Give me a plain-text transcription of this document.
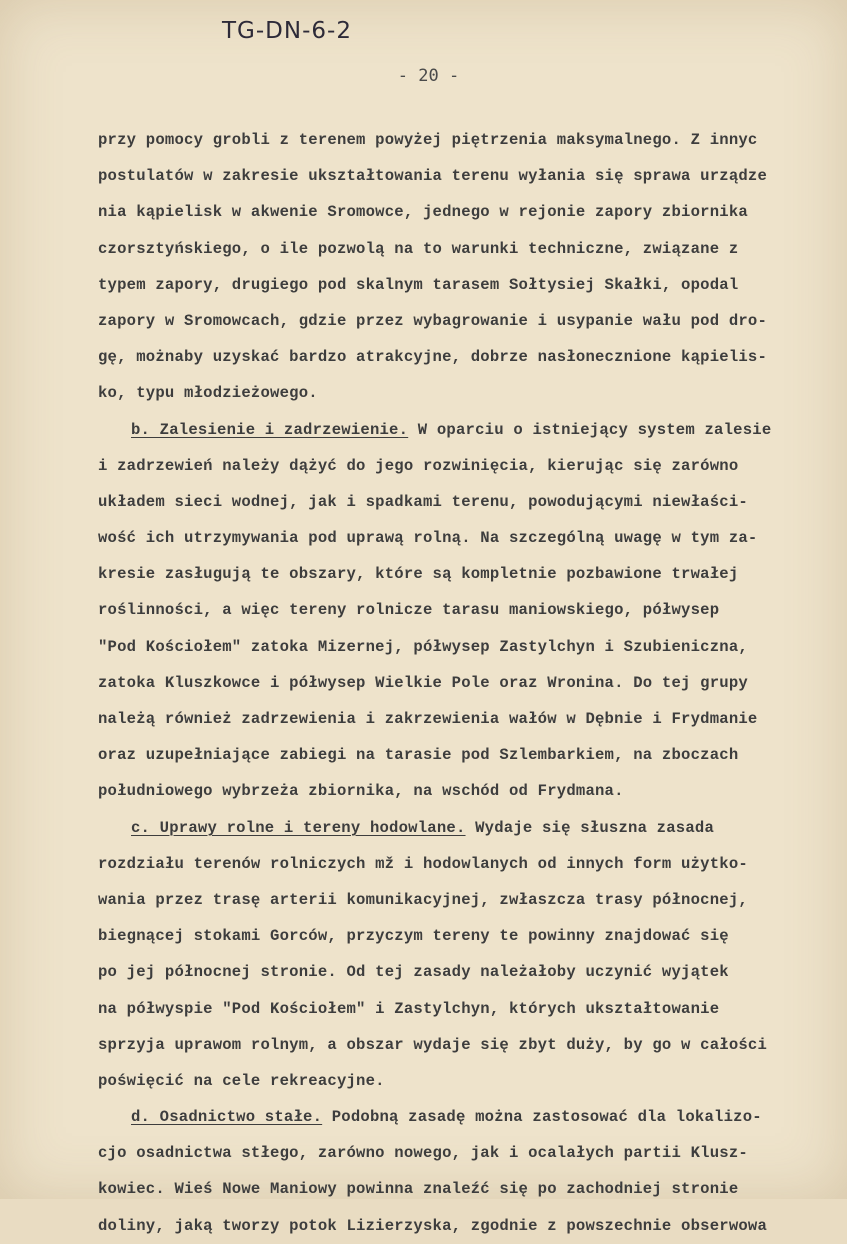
TG-DN-6-2
- 20 -
przy pomocy grobli z terenem powyżej piętrzenia maksymalnego. Z innyc
postulatów w zakresie ukształtowania terenu wyłania się sprawa urządze
nia kąpielisk w akwenie Sromowce, jednego w rejonie zapory zbiornika
czorsztyńskiego, o ile pozwolą na to warunki techniczne, związane z
typem zapory, drugiego pod skalnym tarasem Sołtysiej Skałki, opodal
zapory w Sromowcach, gdzie przez wybagrowanie i usypanie wału pod dro-
gę, możnaby uzyskać bardzo atrakcyjne, dobrze nasłonecznione kąpielis-
ko, typu młodzieżowego.
b. Zalesienie i zadrzewienie. W oparciu o istniejący system zalesie
i zadrzewień należy dążyć do jego rozwinięcia, kierując się zarówno
układem sieci wodnej, jak i spadkami terenu, powodującymi niewłaści-
wość ich utrzymywania pod uprawą rolną. Na szczególną uwagę w tym za-
kresie zasługują te obszary, które są kompletnie pozbawione trwałej
roślinności, a więc tereny rolnicze tarasu maniowskiego, półwysep
"Pod Kościołem" zatoka Mizernej, półwysep Zastylchyn i Szubieniczna,
zatoka Kluszkowce i półwysep Wielkie Pole oraz Wronina. Do tej grupy
należą również zadrzewienia i zakrzewienia wałów w Dębnie i Frydmanie
oraz uzupełniające zabiegi na tarasie pod Szlembarkiem, na zboczach
południowego wybrzeża zbiornika, na wschód od Frydmana.
c. Uprawy rolne i tereny hodowlane. Wydaje się słuszna zasada
rozdziału terenów rolniczych mž i hodowlanych od innych form użytko-
wania przez trasę arterii komunikacyjnej, zwłaszcza trasy północnej,
biegnącej stokami Gorców, przyczym tereny te powinny znajdować się
po jej północnej stronie. Od tej zasady należałoby uczynić wyjątek
na półwyspie "Pod Kościołem" i Zastylchyn, których ukształtowanie
sprzyja uprawom rolnym, a obszar wydaje się zbyt duży, by go w całości
poświęcić na cele rekreacyjne.
d. Osadnictwo stałe. Podobną zasadę można zastosować dla lokalizo-
cjo osadnictwa stłego, zarówno nowego, jak i ocalałych partii Klusz-
kowiec. Wieś Nowe Maniowy powinna znaleźć się po zachodniej stronie
doliny, jaką tworzy potok Lizierzyska, zgodnie z powszechnie obserwowa
